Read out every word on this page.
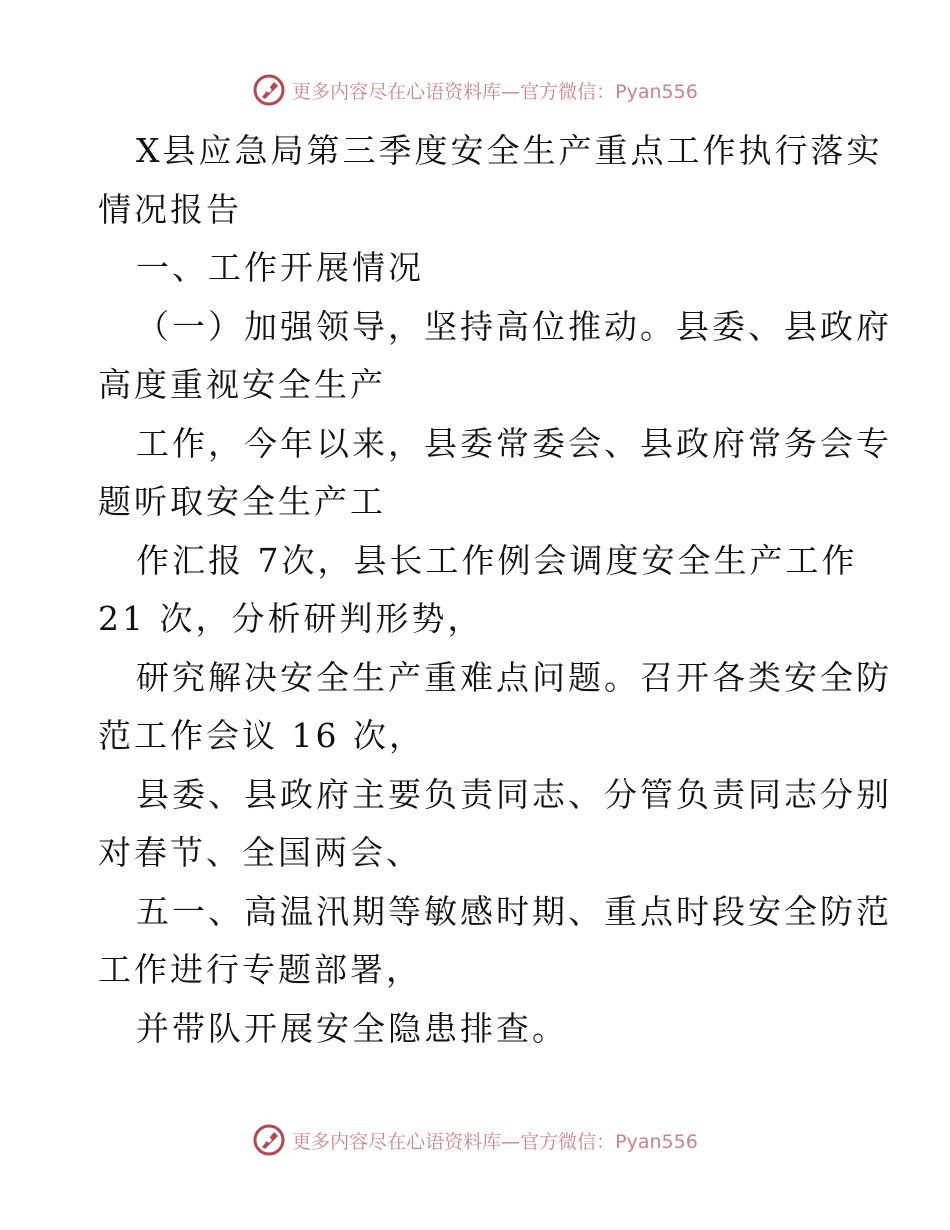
更多内容尽在心语资料库—官方微信：Pyan556
X县应急局第三季度安全生产重点工作执行落实
情况报告
一、工作开展情况
（一）加强领导，坚持高位推动。县委、县政府
高度重视安全生产
工作，今年以来，县委常委会、县政府常务会专
题听取安全生产工
作汇报 7次，县长工作例会调度安全生产工作
21 次，分析研判形势，
研究解决安全生产重难点问题。召开各类安全防
范工作会议 16 次，
县委、县政府主要负责同志、分管负责同志分别
对春节、全国两会、
五一、高温汛期等敏感时期、重点时段安全防范
工作进行专题部署，
并带队开展安全隐患排查。
更多内容尽在心语资料库—官方微信：Pyan556
